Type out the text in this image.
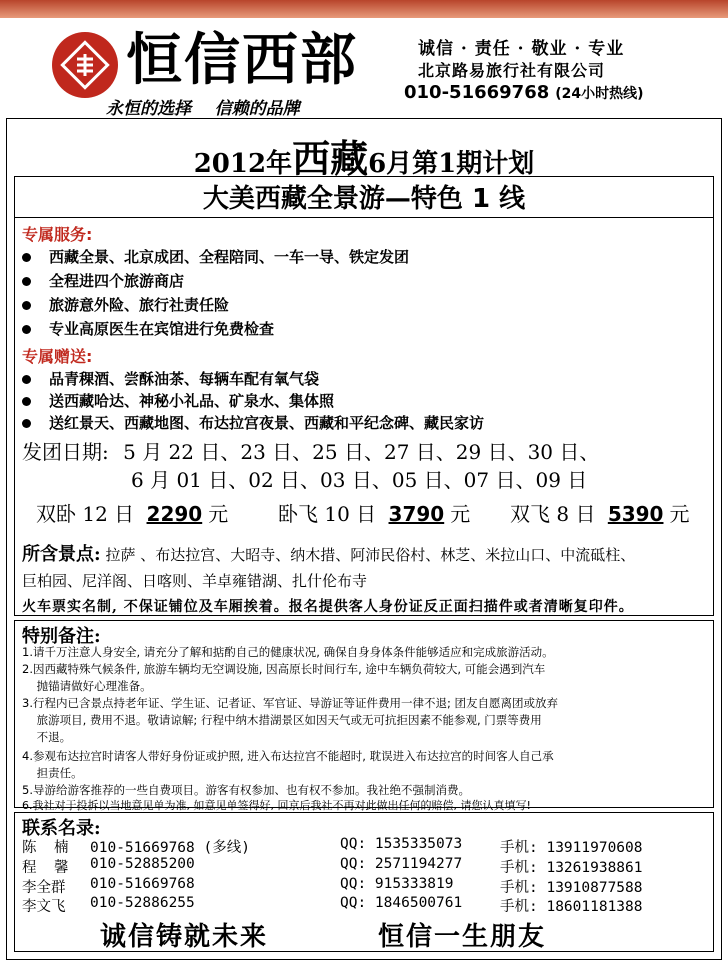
恒信西部
永恒的选择    信赖的品牌
诚信 · 责任 · 敬业 · 专业
北京路易旅行社有限公司
010-51669768 (24小时热线)
2012年西藏6月第1期计划
大美西藏全景游—特色 1 线
专属服务:
西藏全景、北京成团、全程陪同、一车一导、铁定发团
全程进四个旅游商店
旅游意外险、旅行社责任险
专业高原医生在宾馆进行免费检查
专属赠送:
品青稞酒、尝酥油茶、每辆车配有氧气袋
送西藏哈达、神秘小礼品、矿泉水、集体照
送红景天、西藏地图、布达拉宫夜景、西藏和平纪念碑、藏民家访
发团日期: 5 月 22 日、23 日、25 日、27 日、29 日、30 日、
6 月 01 日、02 日、03 日、05 日、07 日、09 日
双卧 12 日 2290 元 卧飞 10 日 3790 元 双飞 8 日 5390 元
所含景点: 拉萨 、布达拉宫、大昭寺、纳木措、阿沛民俗村、林芝、米拉山口、中流砥柱、
巨柏园、尼洋阁、日喀则、羊卓雍错湖、扎什伦布寺
火车票实名制, 不保证铺位及车厢挨着。报名提供客人身份证反正面扫描件或者清晰复印件。
特别备注:
1.请千万注意人身安全, 请充分了解和掂酌自己的健康状况, 确保自身身体条件能够适应和完成旅游活动。
2.因西藏特殊气候条件, 旅游车辆均无空调设施, 因高原长时间行车, 途中车辆负荷较大, 可能会遇到汽车
抛锚请做好心理准备。
3.行程内已含景点持老年证、学生证、记者证、军官证、导游证等证件费用一律不退; 团友自愿离团或放弃
旅游项目, 费用不退。敬请谅解; 行程中纳木措湖景区如因天气或无可抗拒因素不能参观, 门票等费用
不退。
4.参观布达拉宫时请客人带好身份证或护照, 进入布达拉宫不能超时, 耽误进入布达拉宫的时间客人自己承
担责任。
5.导游给游客推荐的一些自费项目。游客有权参加、也有权不参加。我社绝不强制消费。
6.我社对于投拆以当地意见单为准, 如意见单签得好, 回京后我社不再对此做出任何的赔偿, 请您认真填写!
联系名录:
陈  楠 010-51669768 (多线)	QQ: 1535335073	手机: 13911970608
程  馨 010-52885200	QQ: 2571194277	手机: 13261938861
李全群 010-51669768	QQ: 915333819	手机: 13910877588
李文飞 010-52886255	QQ: 1846500761	手机: 18601181388
诚信铸就未来	恒信一生朋友
